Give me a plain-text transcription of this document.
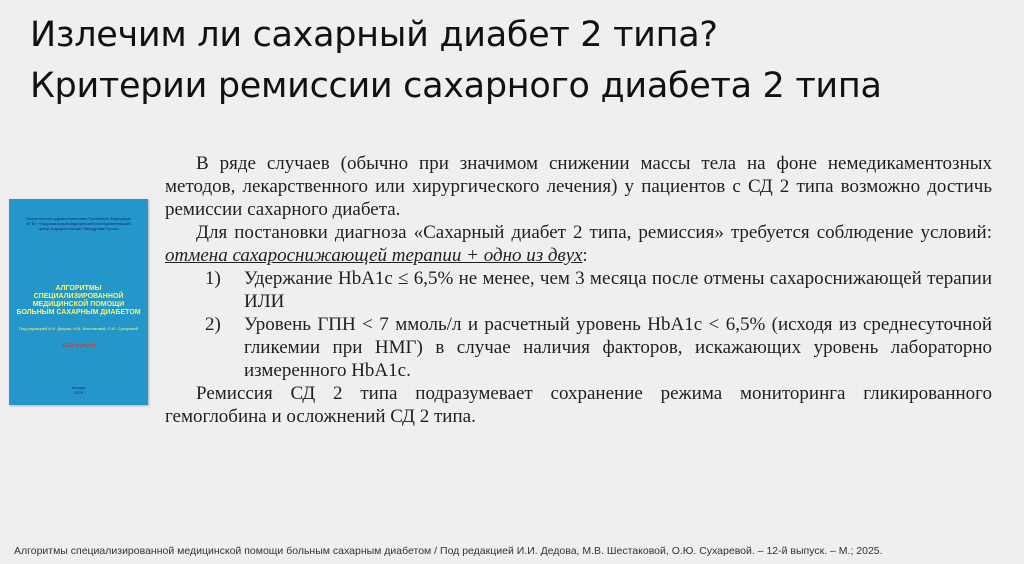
Излечим ли сахарный диабет 2 типа?
Критерии ремиссии сахарного диабета 2 типа
Министерство здравоохранения Российской Федерации ФГБУ «Национальный медицинский исследовательский центр эндокринологии» Минздрава России
АЛГОРИТМЫ СПЕЦИАЛИЗИРОВАННОЙ МЕДИЦИНСКОЙ ПОМОЩИ БОЛЬНЫМ САХАРНЫМ ДИАБЕТОМ
Под редакцией И.И. Дедова, М.В. Шестаковой, О.Ю. Сухаревой
12-й выпуск
Москва
2025

В ряде случаев (обычно при значимом снижении массы тела на фоне немедикаментозных методов, лекарственного или хирургического лечения) у пациентов с СД 2 типа возможно достичь ремиссии сахарного диабета.

Для постановки диагноза «Сахарный диабет 2 типа, ремиссия» требуется соблюдение условий: отмена сахароснижающей терапии + одно из двух:

1) Удержание HbA1c ≤ 6,5% не менее, чем 3 месяца после отмены сахароснижающей терапии ИЛИ
2) Уровень ГПН < 7 ммоль/л и расчетный уровень HbA1c < 6,5% (исходя из среднесуточной гликемии при НМГ) в случае наличия факторов, искажающих уровень лабораторно измеренного HbA1c.

Ремиссия СД 2 типа подразумевает сохранение режима мониторинга гликированного гемоглобина и осложнений СД 2 типа.

Алгоритмы специализированной медицинской помощи больным сахарным диабетом / Под редакцией И.И. Дедова, М.В. Шестаковой, О.Ю. Сухаревой. – 12-й выпуск. – М.; 2025.
